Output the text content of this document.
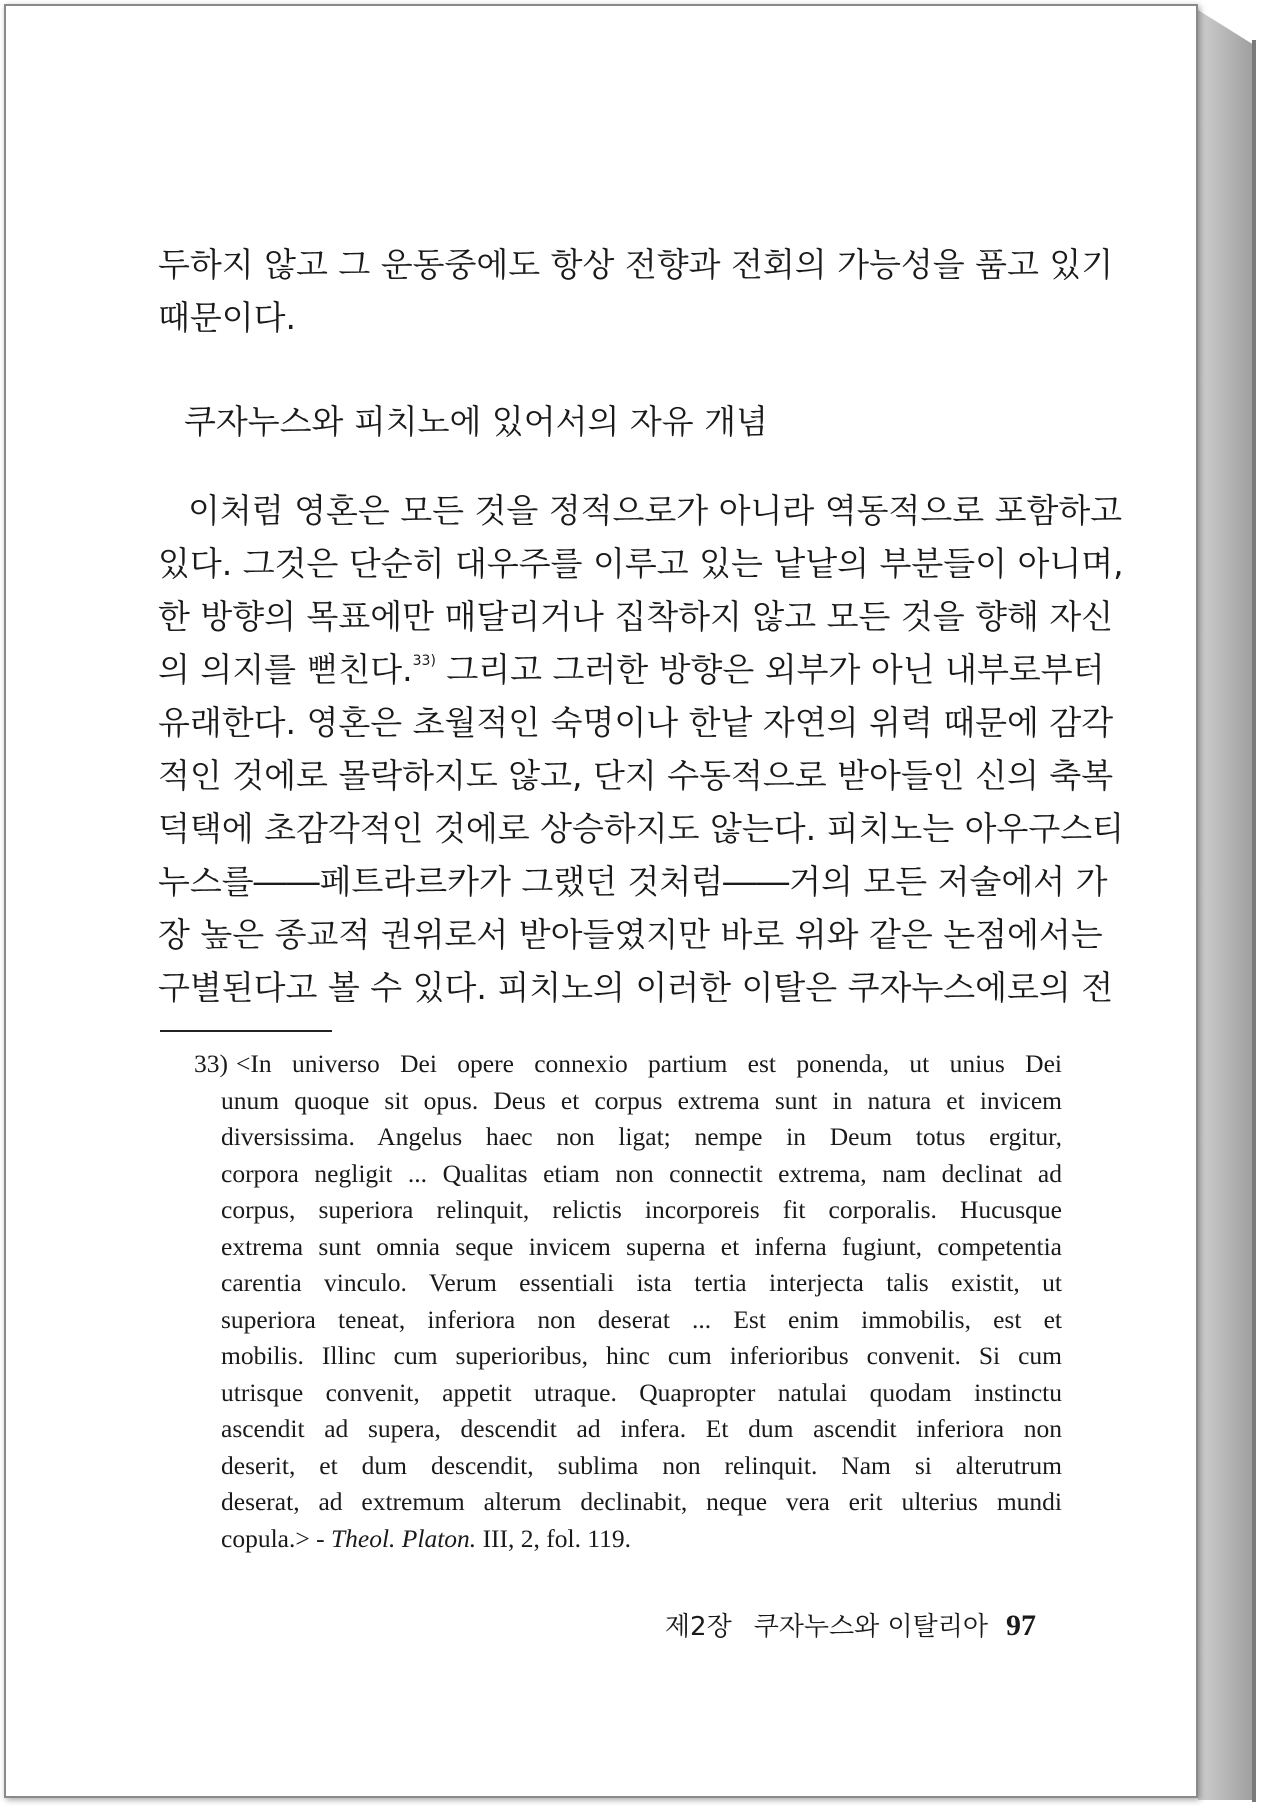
두하지 않고 그 운동중에도 항상 전향과 전회의 가능성을 품고 있기
때문이다.
쿠자누스와 피치노에 있어서의 자유 개념
이처럼 영혼은 모든 것을 정적으로가 아니라 역동적으로 포함하고
있다. 그것은 단순히 대우주를 이루고 있는 낱낱의 부분들이 아니며,
한 방향의 목표에만 매달리거나 집착하지 않고 모든 것을 향해 자신
의 의지를 뻗친다.$^{33)}$ 그리고 그러한 방향은 외부가 아닌 내부로부터
유래한다. 영혼은 초월적인 숙명이나 한낱 자연의 위력 때문에 감각
적인 것에로 몰락하지도 않고, 단지 수동적으로 받아들인 신의 축복
덕택에 초감각적인 것에로 상승하지도 않는다. 피치노는 아우구스티
누스를――페트라르카가 그랬던 것처럼――거의 모든 저술에서 가
장 높은 종교적 권위로서 받아들였지만 바로 위와 같은 논점에서는
구별된다고 볼 수 있다. 피치노의 이러한 이탈은 쿠자누스에로의 전
33) <In universo Dei opere connexio partium est ponenda, ut unius Dei
unum quoque sit opus. Deus et corpus extrema sunt in natura et invicem
diversissima. Angelus haec non ligat; nempe in Deum totus ergitur,
corpora negligit ... Qualitas etiam non connectit extrema, nam declinat ad
corpus, superiora relinquit, relictis incorporeis fit corporalis. Hucusque
extrema sunt omnia seque invicem superna et inferna fugiunt, competentia
carentia vinculo. Verum essentiali ista tertia interjecta talis existit, ut
superiora teneat, inferiora non deserat ... Est enim immobilis, est et
mobilis. Illinc cum superioribus, hinc cum inferioribus convenit. Si cum
utrisque convenit, appetit utraque. Quapropter natulai quodam instinctu
ascendit ad supera, descendit ad infera. Et dum ascendit inferiora non
deserit, et dum descendit, sublima non relinquit. Nam si alterutrum
deserat, ad extremum alterum declinabit, neque vera erit ulterius mundi
copula.> - Theol. Platon. III, 2, fol. 119.
제2장 쿠자누스와 이탈리아 97
